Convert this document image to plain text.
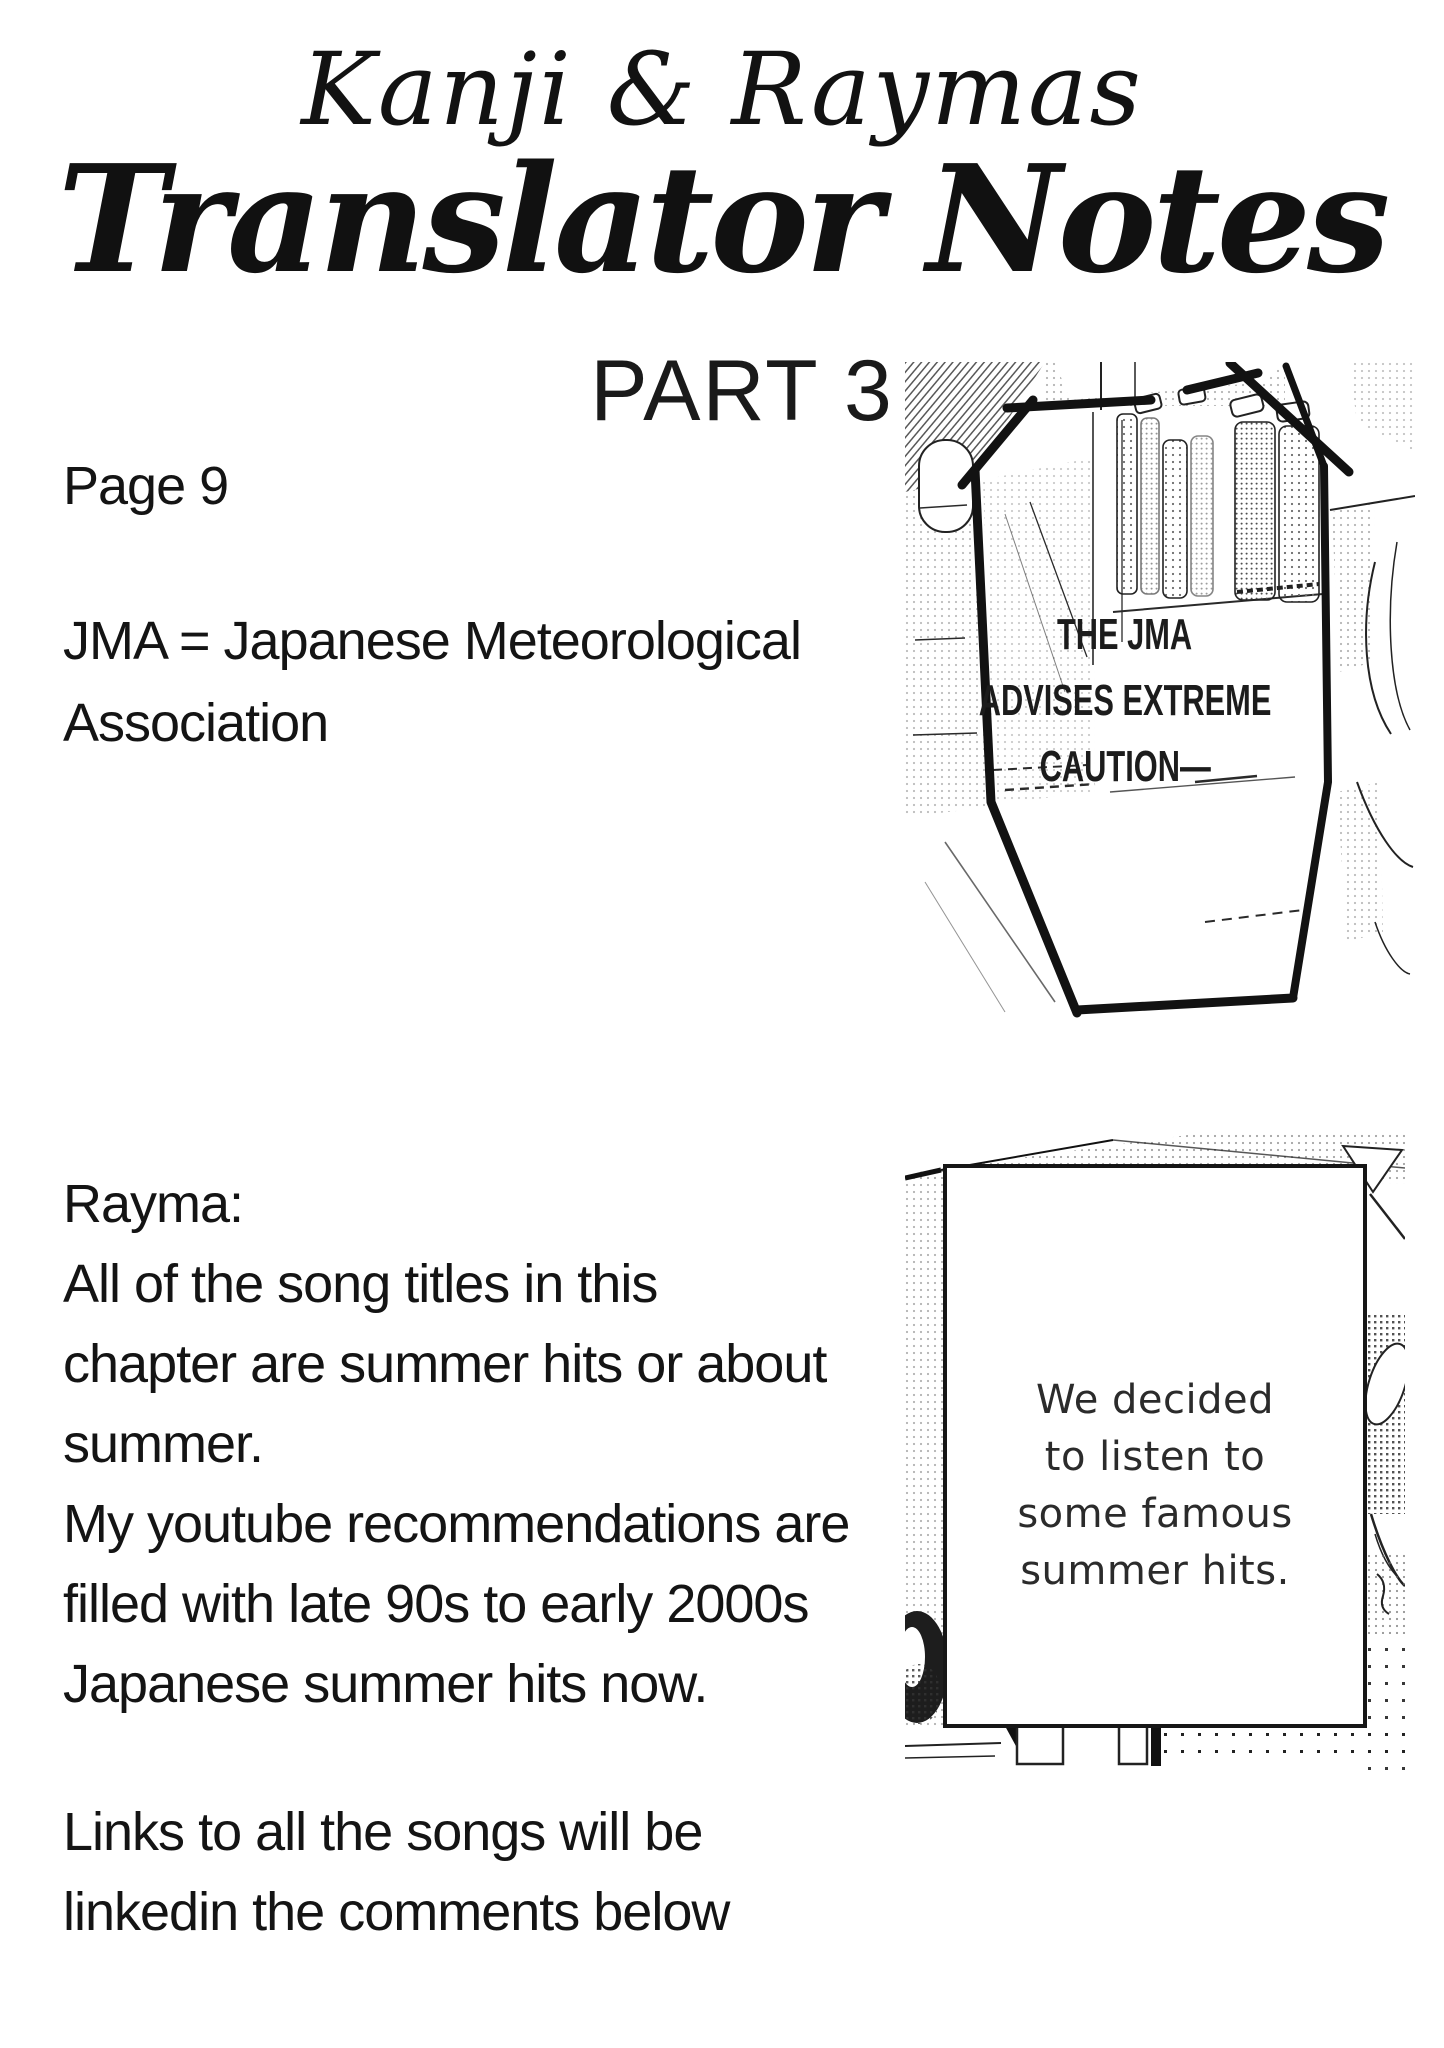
Kanji & Raymas
Translator Notes
PART 3
Page 9
JMA = Japanese Meteorological
Association
Rayma:
All of the song titles in this
chapter are summer hits or about
summer.
My youtube recommendations are
filled with late 90s to early 2000s
Japanese summer hits now.
Links to all the songs will be
linkedin the comments below
THE JMA
ADVISES EXTREME
CAUTION—
We decided
to listen to
some famous
summer hits.
